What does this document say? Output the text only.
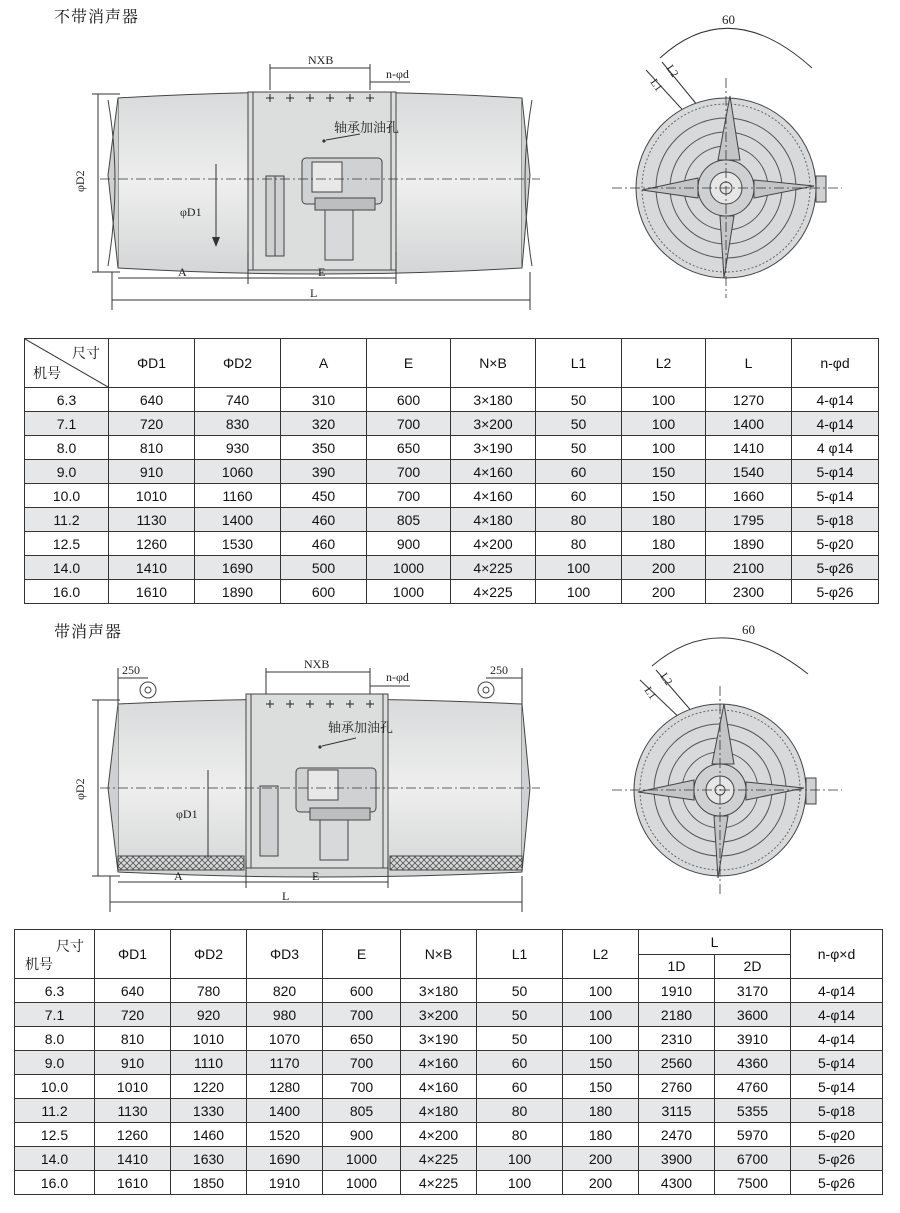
不带消声器
φD2
φD1
NXB
n-φd
轴承加油孔
A	E
L
60
L1
L2
尺寸
机号	ΦD1	ΦD2	A	E	N×B	L1	L2	L	n-φd
6.3	640	740	310	600	3×180	50	100	1270	4-φ14
7.1	720	830	320	700	3×200	50	100	1400	4-φ14
8.0	810	930	350	650	3×190	50	100	1410	4 φ14
9.0	910	1060	390	700	4×160	60	150	1540	5-φ14
10.0	1010	1160	450	700	4×160	60	150	1660	5-φ14
11.2	1130	1400	460	805	4×180	80	180	1795	5-φ18
12.5	1260	1530	460	900	4×200	80	180	1890	5-φ20
14.0	1410	1690	500	1000	4×225	100	200	2100	5-φ26
16.0	1610	1890	600	1000	4×225	100	200	2300	5-φ26
带消声器
250	250
φD2
φD1
NXB
n-φd
轴承加油孔
A	E
L
60
L1
L2
尺寸
机号	ΦD1	ΦD2	ΦD3	E	N×B	L1	L2	L		n-φ×d
								1D	2D	
6.3	640	780	820	600	3×180	50	100	1910	3170	4-φ14
7.1	720	920	980	700	3×200	50	100	2180	3600	4-φ14
8.0	810	1010	1070	650	3×190	50	100	2310	3910	4-φ14
9.0	910	1110	1170	700	4×160	60	150	2560	4360	5-φ14
10.0	1010	1220	1280	700	4×160	60	150	2760	4760	5-φ14
11.2	1130	1330	1400	805	4×180	80	180	3115	5355	5-φ18
12.5	1260	1460	1520	900	4×200	80	180	2470	5970	5-φ20
14.0	1410	1630	1690	1000	4×225	100	200	3900	6700	5-φ26
16.0	1610	1850	1910	1000	4×225	100	200	4300	7500	5-φ26
